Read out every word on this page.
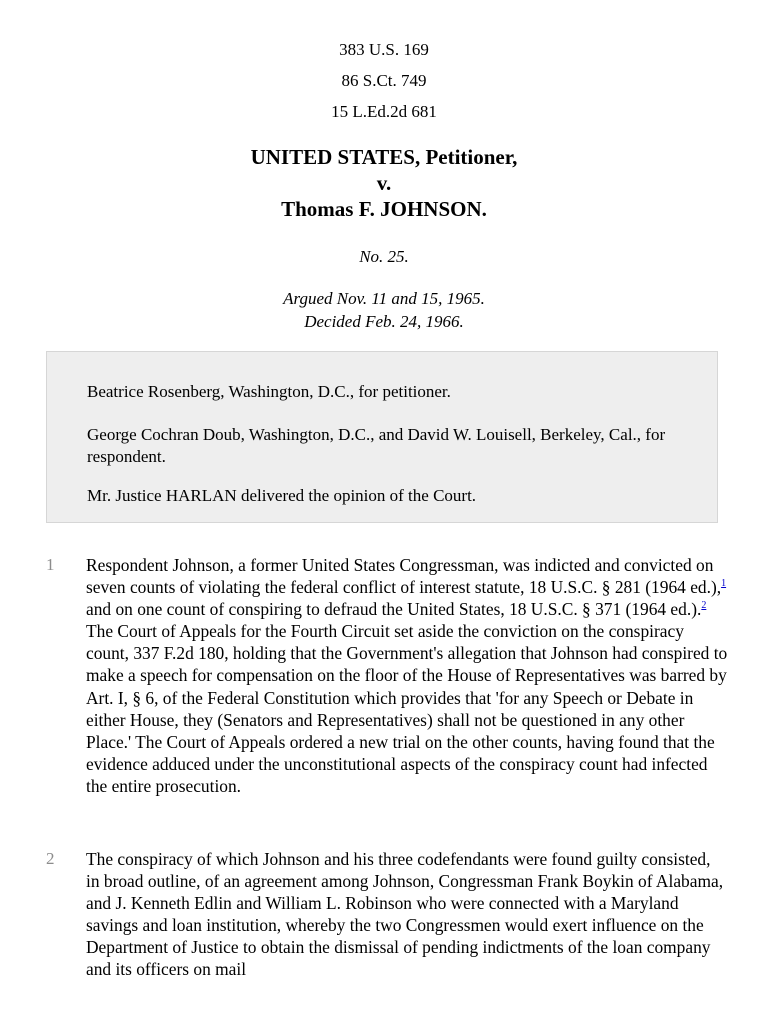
383 U.S. 169
86 S.Ct. 749
15 L.Ed.2d 681
UNITED STATES, Petitioner,
v.
Thomas F. JOHNSON.
No. 25.
Argued Nov. 11 and 15, 1965.
Decided Feb. 24, 1966.

Beatrice Rosenberg, Washington, D.C., for petitioner.

George Cochran Doub, Washington, D.C., and David W. Louisell, Berkeley, Cal., for respondent.

Mr. Justice HARLAN delivered the opinion of the Court.

1 Respondent Johnson, a former United States Congressman, was indicted and convicted on seven counts of violating the federal conflict of interest statute, 18 U.S.C. § 281 (1964 ed.),$^1$ and on one count of conspiring to defraud the United States, 18 U.S.C. § 371 (1964 ed.).$^2$ The Court of Appeals for the Fourth Circuit set aside the conviction on the conspiracy count, 337 F.2d 180, holding that the Government's allegation that Johnson had conspired to make a speech for compensation on the floor of the House of Representatives was barred by Art. I, § 6, of the Federal Constitution which provides that 'for any Speech or Debate in either House, they (Senators and Representatives) shall not be questioned in any other Place.' The Court of Appeals ordered a new trial on the other counts, having found that the evidence adduced under the unconstitutional aspects of the conspiracy count had infected the entire prosecution.

2 The conspiracy of which Johnson and his three codefendants were found guilty consisted, in broad outline, of an agreement among Johnson, Congressman Frank Boykin of Alabama, and J. Kenneth Edlin and William L. Robinson who were connected with a Maryland savings and loan institution, whereby the two Congressmen would exert influence on the Department of Justice to obtain the dismissal of pending indictments of the loan company and its officers on mail
